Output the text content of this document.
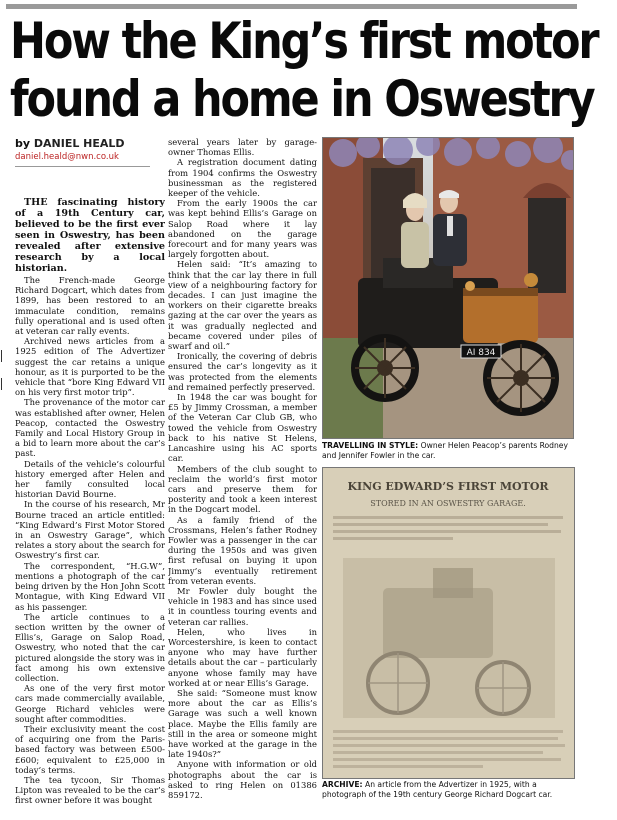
How the King’s first motor
found a home in Oswestry
by DANIEL HEALD
daniel.heald@nwn.co.uk

THE fascinating history of a 19th Century car, believed to be the first ever seen in Oswestry, has been revealed after extensive research by a local historian.

The French-made George Richard Dogcart, which dates from 1899, has been restored to an immaculate condition, remains fully operational and is used often at veteran car rally events.

Archived news articles from a 1925 edition of The Advertizer suggest the car retains a unique honour, as it is purported to be the vehicle that “bore King Edward VII on his very first motor trip”.

The provenance of the motor car was established after owner, Helen Peacop, contacted the Oswestry Family and Local History Group in a bid to learn more about the car’s past.

Details of the vehicle’s colourful history emerged after Helen and her family consulted local historian David Bourne.

In the course of his research, Mr Bourne traced an article entitled: “King Edward’s First Motor Stored in an Oswestry Garage”, which relates a story about the search for Oswestry’s first car.

The correspondent, “H.G.W”, mentions a photograph of the car being driven by the Hon John Scott Montague, with King Edward VII as his passenger.

The article continues to a section written by the owner of Ellis’s, Garage on Salop Road, Oswestry, who noted that the car pictured alongside the story was in fact among his own extensive collection.

As one of the very first motor cars made commercially available, George Richard vehicles were sought after commodities.

Their exclusivity meant the cost of acquiring one from the Paris-based factory was between £500-£600; equivalent to £25,000 in today’s terms.

The tea tycoon, Sir Thomas Lipton was revealed to be the car’s first owner before it was bought

several years later by garage-owner Thomas Ellis.

A registration document dating from 1904 confirms the Oswestry businessman as the registered keeper of the vehicle.

From the early 1900s the car was kept behind Ellis’s Garage on Salop Road where it lay abandoned on the garage forecourt and for many years was largely forgotten about.

Helen said: “It’s amazing to think that the car lay there in full view of a neighbouring factory for decades. I can just imagine the workers on their cigarette breaks gazing at the car over the years as it was gradually neglected and became covered under piles of swarf and oil.”

Ironically, the covering of debris ensured the car’s longevity as it was protected from the elements and remained perfectly preserved.

In 1948 the car was bought for £5 by Jimmy Crossman, a member of the Veteran Car Club GB, who towed the vehicle from Oswestry back to his native St Helens, Lancashire using his AC sports car.

Members of the club sought to reclaim the world’s first motor cars and preserve them for posterity and took a keen interest in the Dogcart model.

As a family friend of the Crossmans, Helen’s father Rodney Fowler was a passenger in the car during the 1950s and was given first refusal on buying it upon Jimmy’s eventually retirement from veteran events.

Mr Fowler duly bought the vehicle in 1983 and has since used it in countless touring events and veteran car rallies.

Helen, who lives in Worcestershire, is keen to contact anyone who may have further details about the car – particularly anyone whose family may have worked at or near Ellis’s Garage.

She said: “Someone must know more about the car as Ellis’s Garage was such a well known place. Maybe the Ellis family are still in the area or someone might have worked at the garage in the late 1940s?”

Anyone with information or old photographs about the car is asked to ring Helen on 01386 859172.

AI 834
TRAVELLING IN STYLE: Owner Helen Peacop’s parents Rodney and Jennifer Fowler in the car.
KING EDWARD’S FIRST MOTOR
STORED IN AN OSWESTRY GARAGE.
ARCHIVE: An article from the Advertizer in 1925, with a photograph of the 19th century George Richard Dogcart car.
